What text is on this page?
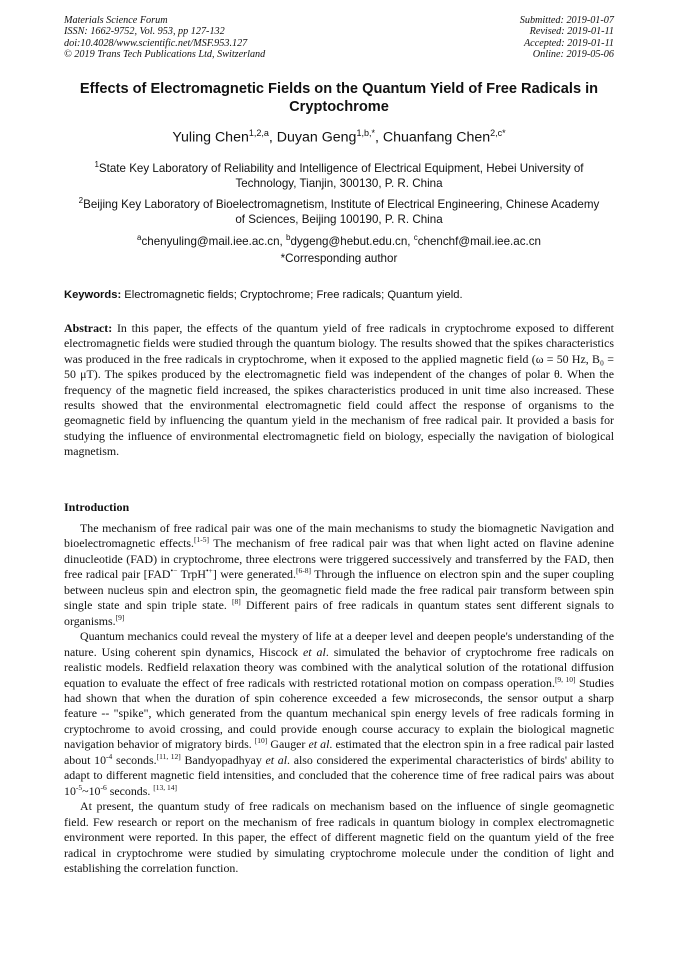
Materials Science Forum
ISSN: 1662-9752, Vol. 953, pp 127-132
doi:10.4028/www.scientific.net/MSF.953.127
© 2019 Trans Tech Publications Ltd, Switzerland
Submitted: 2019-01-07
Revised: 2019-01-11
Accepted: 2019-01-11
Online: 2019-05-06
Effects of Electromagnetic Fields on the Quantum Yield of Free Radicals in Cryptochrome
Yuling Chen$^{1,2,a}$, Duyan Geng$^{1,b,*}$, Chuanfang Chen$^{2,c*}$
$^1$State Key Laboratory of Reliability and Intelligence of Electrical Equipment, Hebei University of Technology, Tianjin, 300130, P. R. China
$^2$Beijing Key Laboratory of Bioelectromagnetism, Institute of Electrical Engineering, Chinese Academy of Sciences, Beijing 100190, P. R. China
$^a$chenyuling@mail.iee.ac.cn, $^b$dygeng@hebut.edu.cn, $^c$chenchf@mail.iee.ac.cn
*Corresponding author
Keywords: Electromagnetic fields; Cryptochrome; Free radicals; Quantum yield.
Abstract: In this paper, the effects of the quantum yield of free radicals in cryptochrome exposed to different electromagnetic fields were studied through the quantum biology. The results showed that the spikes characteristics was produced in the free radicals in cryptochrome, when it exposed to the applied magnetic field (ω = 50 Hz, B₀ = 50 μT). The spikes produced by the electromagnetic field was independent of the changes of polar θ. When the frequency of the magnetic field increased, the spikes characteristics produced in unit time also increased. These results showed that the environmental electromagnetic field could affect the response of organisms to the geomagnetic field by influencing the quantum yield in the mechanism of free radical pair. It provided a basis for studying the influence of environmental electromagnetic field on biology, especially the navigation of biological magnetism.
Introduction

The mechanism of free radical pair was one of the main mechanisms to study the biomagnetic Navigation and bioelectromagnetic effects.[1-5] The mechanism of free radical pair was that when light acted on flavine adenine dinucleotide (FAD) in cryptochrome, three electrons were triggered successively and transferred by the FAD, then free radical pair [FAD•− TrpH•+] were generated.[6-8] Through the influence on electron spin and the super coupling between nucleus spin and electron spin, the geomagnetic field made the free radical pair transform between spin single state and spin triple state. [8] Different pairs of free radicals in quantum states sent different signals to organisms.[9]

Quantum mechanics could reveal the mystery of life at a deeper level and deepen people's understanding of the nature. Using coherent spin dynamics, Hiscock et al. simulated the behavior of cryptochrome free radicals on realistic models. Redfield relaxation theory was combined with the analytical solution of the rotational diffusion equation to evaluate the effect of free radicals with restricted rotational motion on compass operation.[9, 10] Studies had shown that when the duration of spin coherence exceeded a few microseconds, the sensor output a sharp feature -- "spike", which generated from the quantum mechanical spin energy levels of free radicals forming in cryptochrome to avoid crossing, and could provide enough course accuracy to explain the biological magnetic navigation behavior of migratory birds. [10] Gauger et al. estimated that the electron spin in a free radical pair lasted about $10^{-4}$ seconds.[11, 12] Bandyopadhyay et al. also considered the experimental characteristics of birds' ability to adapt to different magnetic field intensities, and concluded that the coherence time of free radical pairs was about $10^{-5}\sim 10^{-6}$ seconds. [13, 14]

At present, the quantum study of free radicals on mechanism based on the influence of single geomagnetic field. Few research or report on the mechanism of free radicals in quantum biology in complex electromagnetic environment were reported. In this paper, the effect of different magnetic field on the quantum yield of the free radical in cryptochrome were studied by simulating cryptochrome molecule under the condition of light and establishing the correlation function.
